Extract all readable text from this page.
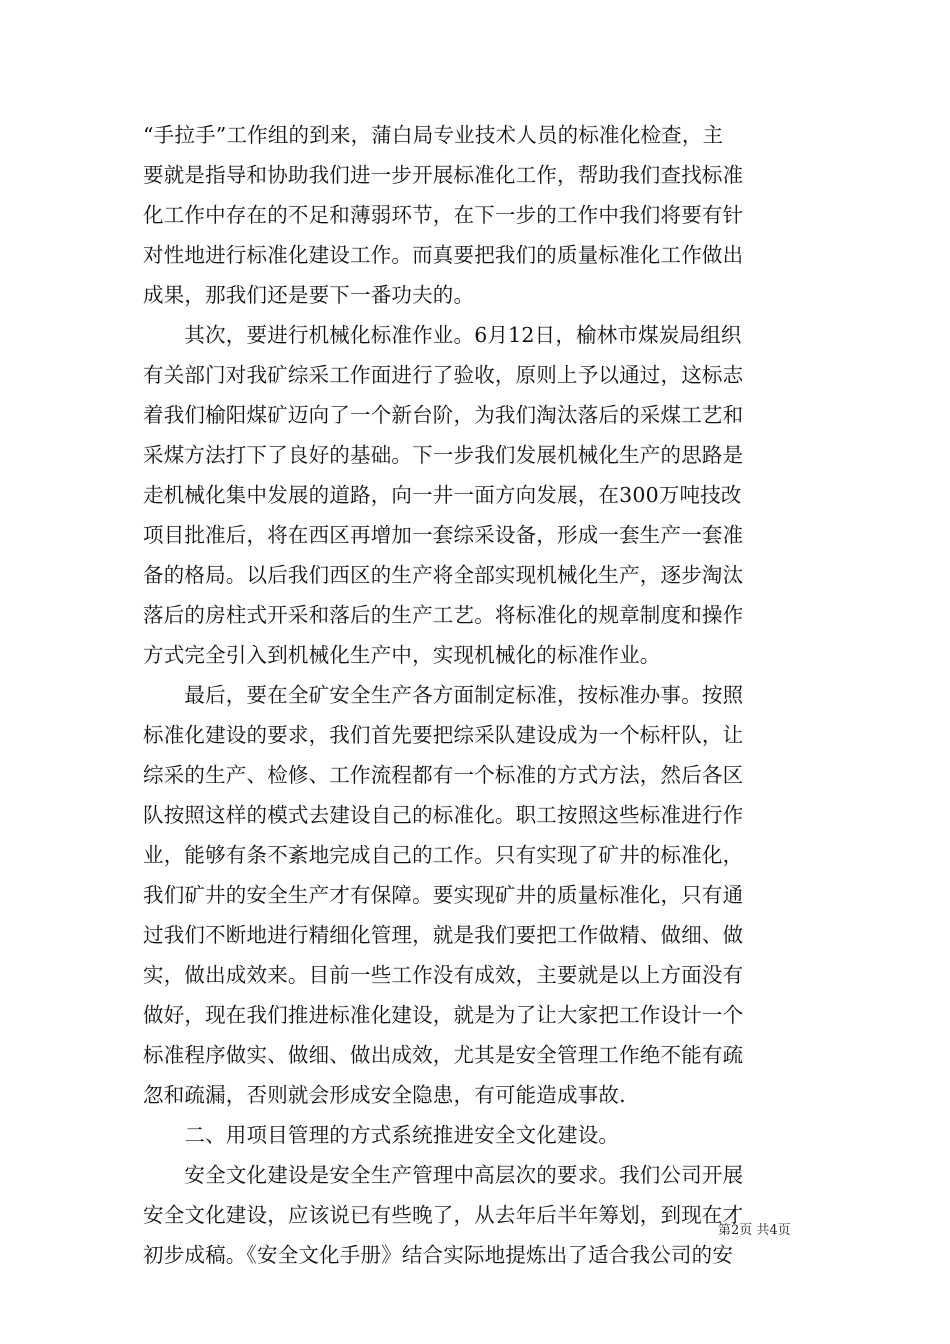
“手拉手”工作组的到来，蒲白局专业技术人员的标准化检查，主
要就是指导和协助我们进一步开展标准化工作，帮助我们查找标准
化工作中存在的不足和薄弱环节，在下一步的工作中我们将要有针
对性地进行标准化建设工作。而真要把我们的质量标准化工作做出
成果，那我们还是要下一番功夫的。
　　其次，要进行机械化标准作业。6月12日，榆林市煤炭局组织
有关部门对我矿综采工作面进行了验收，原则上予以通过，这标志
着我们榆阳煤矿迈向了一个新台阶，为我们淘汰落后的采煤工艺和
采煤方法打下了良好的基础。下一步我们发展机械化生产的思路是
走机械化集中发展的道路，向一井一面方向发展，在300万吨技改
项目批准后，将在西区再增加一套综采设备，形成一套生产一套准
备的格局。以后我们西区的生产将全部实现机械化生产，逐步淘汰
落后的房柱式开采和落后的生产工艺。将标准化的规章制度和操作
方式完全引入到机械化生产中，实现机械化的标准作业。
　　最后，要在全矿安全生产各方面制定标准，按标准办事。按照
标准化建设的要求，我们首先要把综采队建设成为一个标杆队，让
综采的生产、检修、工作流程都有一个标准的方式方法，然后各区
队按照这样的模式去建设自己的标准化。职工按照这些标准进行作
业，能够有条不紊地完成自己的工作。只有实现了矿井的标准化，
我们矿井的安全生产才有保障。要实现矿井的质量标准化，只有通
过我们不断地进行精细化管理，就是我们要把工作做精、做细、做
实，做出成效来。目前一些工作没有成效，主要就是以上方面没有
做好，现在我们推进标准化建设，就是为了让大家把工作设计一个
标准程序做实、做细、做出成效，尤其是安全管理工作绝不能有疏
忽和疏漏，否则就会形成安全隐患，有可能造成事故.
　　二、用项目管理的方式系统推进安全文化建设。
　　安全文化建设是安全生产管理中高层次的要求。我们公司开展
安全文化建设，应该说已有些晚了，从去年后半年筹划，到现在才
初步成稿。《安全文化手册》结合实际地提炼出了适合我公司的安
第2页 共4页
